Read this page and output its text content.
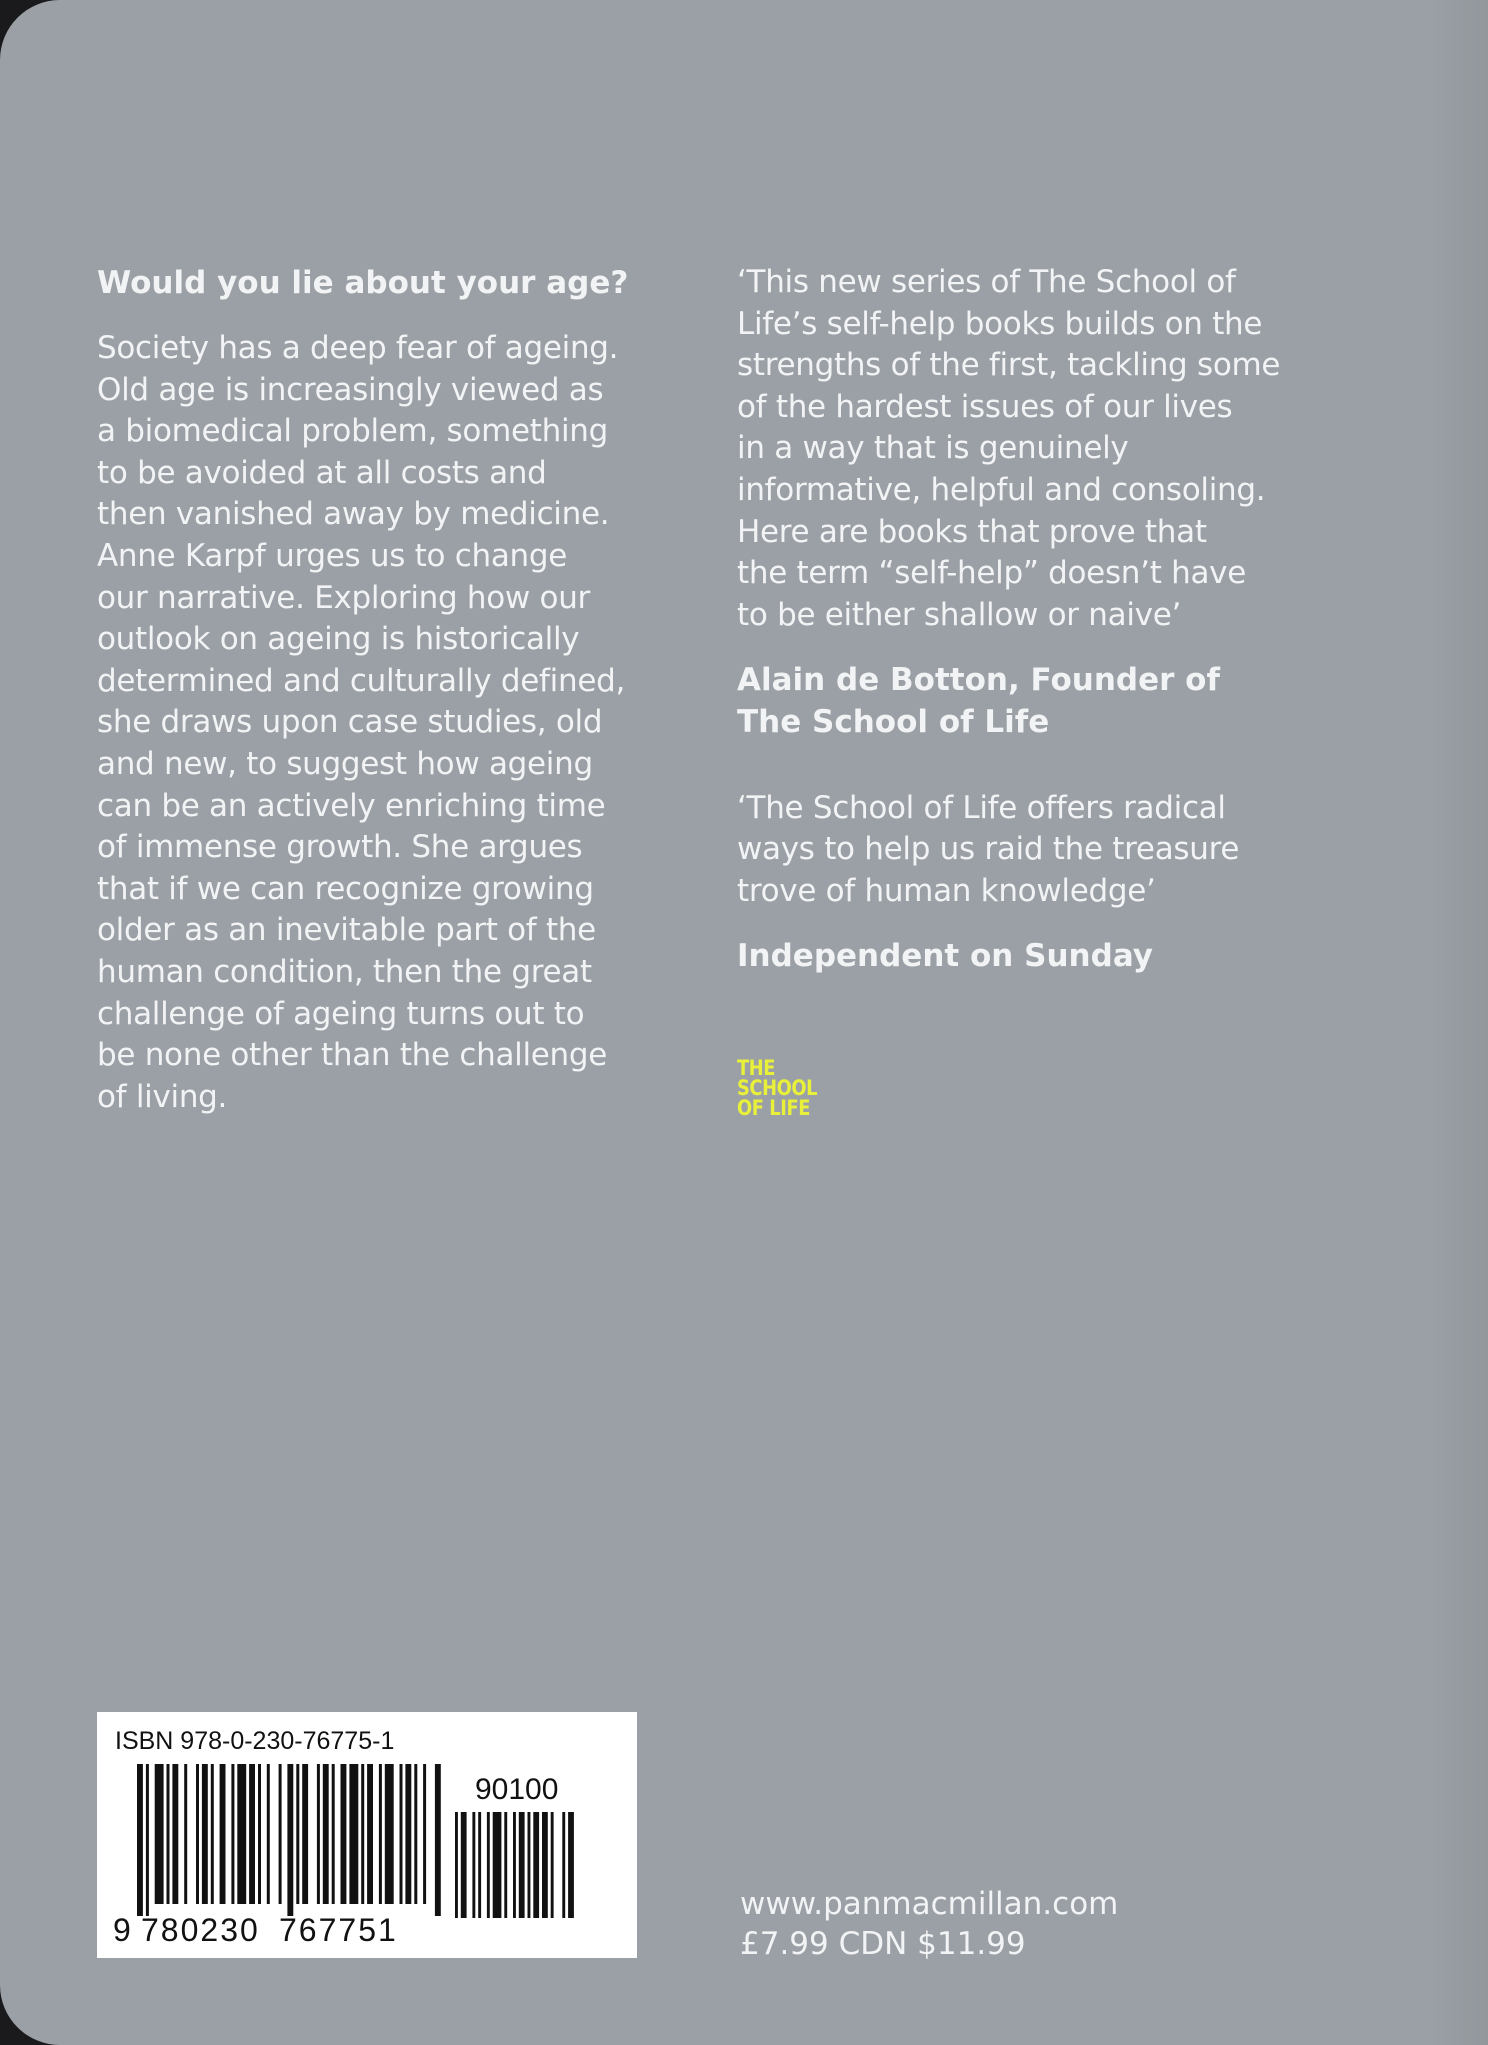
Would you lie about your age?
Society has a deep fear of ageing.
Old age is increasingly viewed as
a biomedical problem, something
to be avoided at all costs and
then vanished away by medicine.
Anne Karpf urges us to change
our narrative. Exploring how our
outlook on ageing is historically
determined and culturally defined,
she draws upon case studies, old
and new, to suggest how ageing
can be an actively enriching time
of immense growth. She argues
that if we can recognize growing
older as an inevitable part of the
human condition, then the great
challenge of ageing turns out to
be none other than the challenge
of living.
‘This new series of The School of
Life’s self-help books builds on the
strengths of the first, tackling some
of the hardest issues of our lives
in a way that is genuinely
informative, helpful and consoling.
Here are books that prove that
the term “self-help” doesn’t have
to be either shallow or naive’
Alain de Botton, Founder of
The School of Life
‘The School of Life offers radical
ways to help us raid the treasure
trove of human knowledge’
Independent on Sunday
THE
SCHOOL
OF LIFE
ISBN 978-0-230-76775-1
90100
9 780230 767751
www.panmacmillan.com
£7.99 CDN $11.99
